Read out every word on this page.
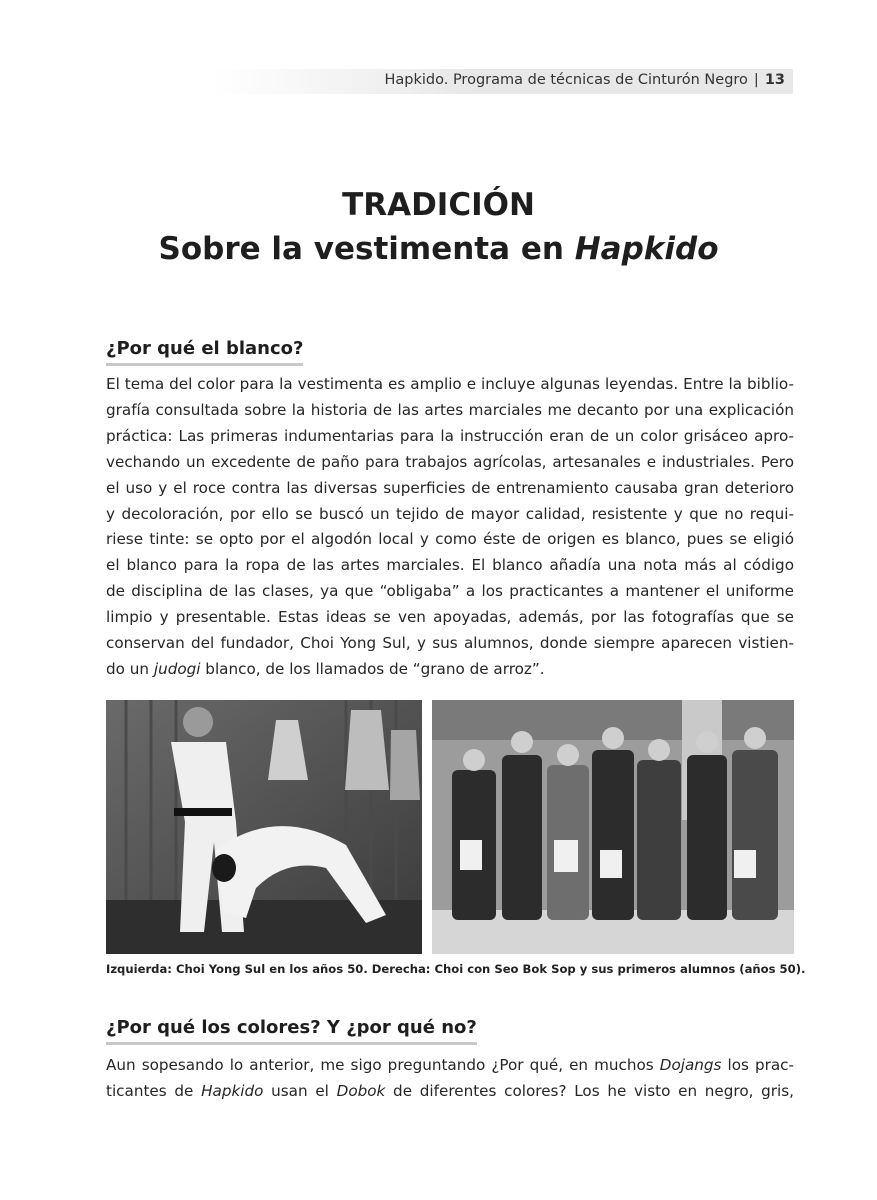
Hapkido. Programa de técnicas de Cinturón Negro | 13
TRADICIÓN
Sobre la vestimenta en Hapkido
¿Por qué el blanco?
El tema del color para la vestimenta es amplio e incluye algunas leyendas. Entre la biblio-
grafía consultada sobre la historia de las artes marciales me decanto por una explicación
práctica: Las primeras indumentarias para la instrucción eran de un color grisáceo apro-
vechando un excedente de paño para trabajos agrícolas, artesanales e industriales. Pero
el uso y el roce contra las diversas superficies de entrenamiento causaba gran deterioro
y decoloración, por ello se buscó un tejido de mayor calidad, resistente y que no requi-
riese tinte: se opto por el algodón local y como éste de origen es blanco, pues se eligió
el blanco para la ropa de las artes marciales. El blanco añadía una nota más al código
de disciplina de las clases, ya que “obligaba” a los practicantes a mantener el uniforme
limpio y presentable. Estas ideas se ven apoyadas, además, por las fotografías que se
conservan del fundador, Choi Yong Sul, y sus alumnos, donde siempre aparecen vistien-
do un judogi blanco, de los llamados de “grano de arroz”.
Izquierda: Choi Yong Sul en los años 50. Derecha: Choi con Seo Bok Sop y sus primeros alumnos (años 50).
¿Por qué los colores? Y ¿por qué no?
Aun sopesando lo anterior, me sigo preguntando ¿Por qué, en muchos Dojangs los prac-
ticantes de Hapkido usan el Dobok de diferentes colores? Los he visto en negro, gris,
